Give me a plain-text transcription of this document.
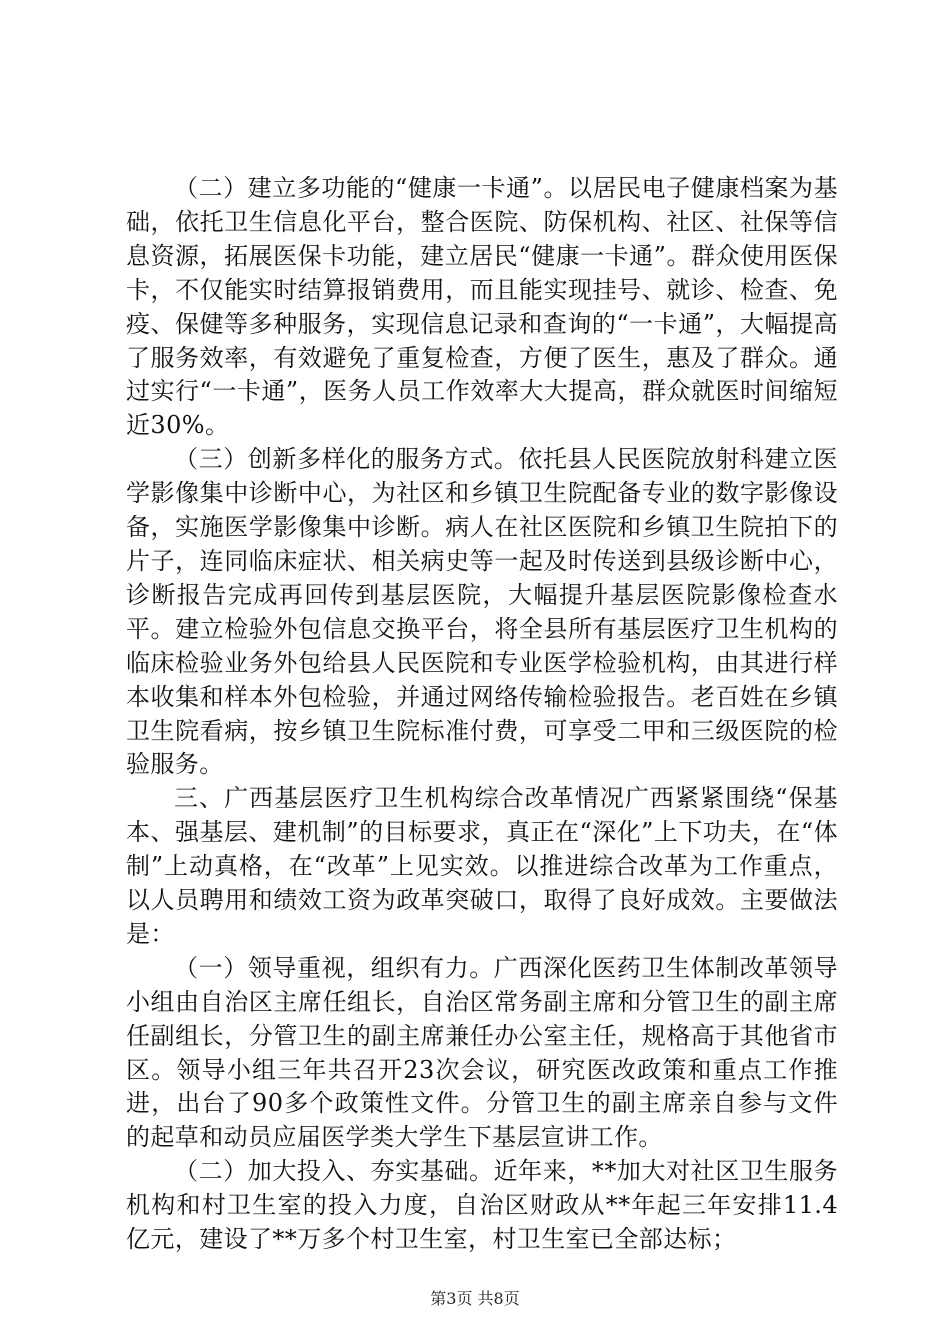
（二）建立多功能的“健康一卡通”。以居民电子健康档案为基础，依托卫生信息化平台，整合医院、防保机构、社区、社保等信息资源，拓展医保卡功能，建立居民“健康一卡通”。群众使用医保卡，不仅能实时结算报销费用，而且能实现挂号、就诊、检查、免疫、保健等多种服务，实现信息记录和查询的“一卡通”，大幅提高了服务效率，有效避免了重复检查，方便了医生，惠及了群众。通过实行“一卡通”，医务人员工作效率大大提高，群众就医时间缩短近30%。

（三）创新多样化的服务方式。依托县人民医院放射科建立医学影像集中诊断中心，为社区和乡镇卫生院配备专业的数字影像设备，实施医学影像集中诊断。病人在社区医院和乡镇卫生院拍下的片子，连同临床症状、相关病史等一起及时传送到县级诊断中心，诊断报告完成再回传到基层医院，大幅提升基层医院影像检查水平。建立检验外包信息交换平台，将全县所有基层医疗卫生机构的临床检验业务外包给县人民医院和专业医学检验机构，由其进行样本收集和样本外包检验，并通过网络传输检验报告。老百姓在乡镇卫生院看病，按乡镇卫生院标准付费，可享受二甲和三级医院的检验服务。

三、广西基层医疗卫生机构综合改革情况广西紧紧围绕“保基本、强基层、建机制”的目标要求，真正在“深化”上下功夫，在“体制”上动真格，在“改革”上见实效。以推进综合改革为工作重点，以人员聘用和绩效工资为政革突破口，取得了良好成效。主要做法是：

（一）领导重视，组织有力。广西深化医药卫生体制改革领导小组由自治区主席任组长，自治区常务副主席和分管卫生的副主席任副组长，分管卫生的副主席兼任办公室主任，规格高于其他省市区。领导小组三年共召开23次会议，研究医改政策和重点工作推进，出台了90多个政策性文件。分管卫生的副主席亲自参与文件的起草和动员应届医学类大学生下基层宣讲工作。

（二）加大投入、夯实基础。近年来，**加大对社区卫生服务机构和村卫生室的投入力度，自治区财政从**年起三年安排11.4亿元，建设了**万多个村卫生室，村卫生室已全部达标；

第3页 共8页
